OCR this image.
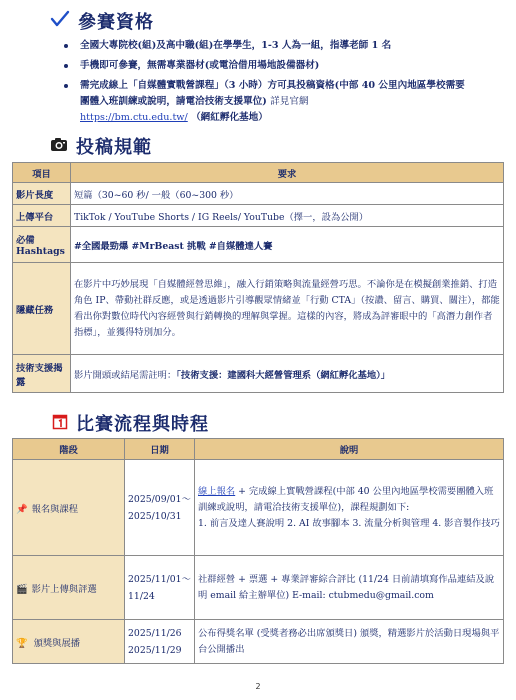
參賽資格
全國大專院校(組)及高中職(組)在學學生，1-3 人為一組，指導老師 1 名
手機即可參賽，無需專業器材(或電洽借用場地設備器材)
需完成線上「自媒體實戰營課程」（3 小時）方可具投稿資格(中部 40 公里內地區學校需要團體入班訓練或說明，請電洽技術支援單位) 詳見官網
https://bm.ctu.edu.tw/ （網紅孵化基地）
投稿規範
項目	要求
影片長度	短篇（30~60 秒/ 一般（60~300 秒）
上傳平台	TikTok / YouTube Shorts / IG Reels/ YouTube（擇一，設為公開）
必備 Hashtags	#全國最勁爆 #MrBeast 挑戰 #自媒體達人賽
隱藏任務	在影片中巧妙展現「自媒體經營思維」，融入行銷策略與流量經營巧思。不論你是在模擬創業推銷、打造角色 IP、帶動社群反應，或是透過影片引導觀眾情緒並「行動 CTA」（按讚、留言、購買、關注），都能看出你對數位時代內容經營與行銷轉換的理解與掌握。這樣的內容，將成為評審眼中的「高潛力創作者指標」，並獲得特別加分。
技術支援揭露	影片開頭或結尾需註明：「技術支援：建國科大經營管理系（網紅孵化基地）」
比賽流程與時程
階段	日期	說明
📌 報名與課程	2025/09/01～2025/10/31	線上報名 + 完成線上實戰營課程(中部 40 公里內地區學校需要團體入班訓練或說明，請電洽技術支援單位)，課程規劃如下:
1. 前言及達人賽說明 2. AI 故事腳本 3. 流量分析與管理 4. 影音製作技巧
🎬 影片上傳與評選	2025/11/01～11/24	社群經營 + 票選 + 專業評審綜合評比 (11/24 日前請填寫作品連結及說明 email 給主辦單位) E-mail: ctubmedu@gmail.com
🏆 頒獎與展播	2025/11/26 2025/11/29	公布得獎名單 (受獎者務必出席頒獎日) 頒獎，精選影片於活動日現場與平台公開播出
2
